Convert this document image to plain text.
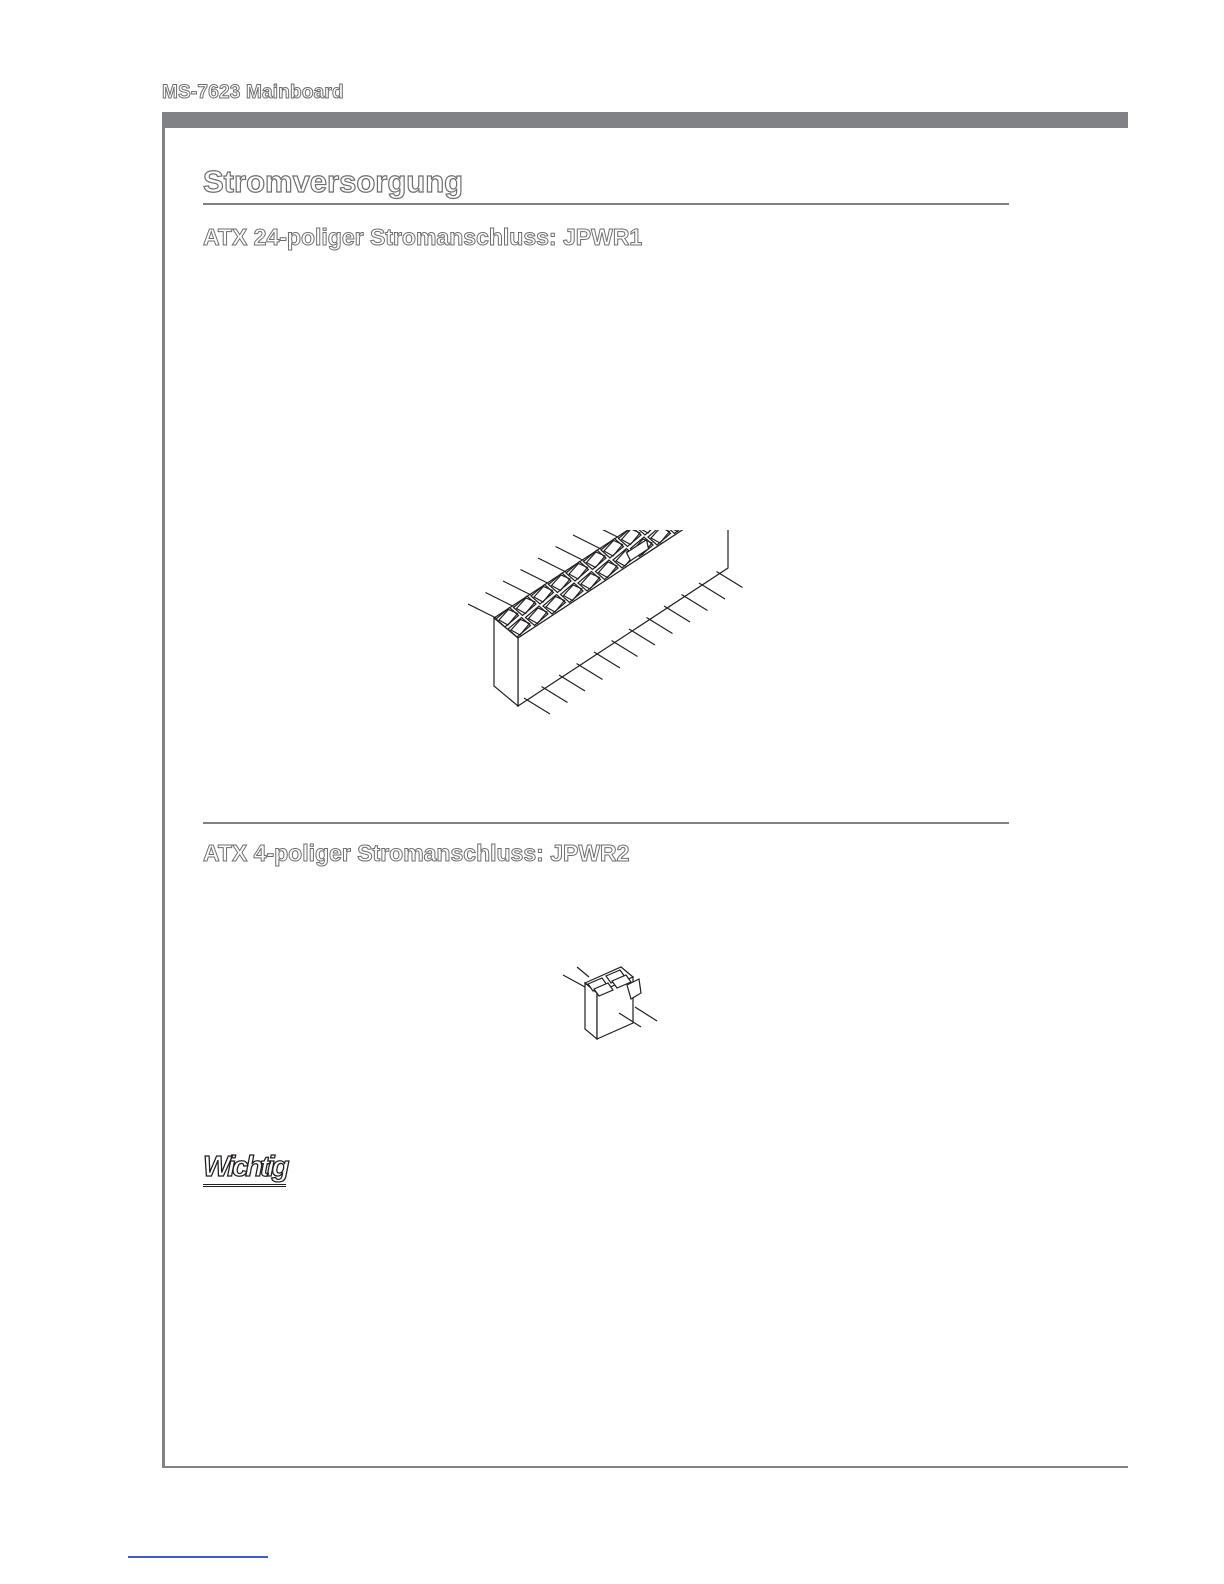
MS-7623 Mainboard
Stromversorgung
ATX 24-poliger Stromanschluss: JPWR1
ATX 4-poliger Stromanschluss: JPWR2
Wichtig
